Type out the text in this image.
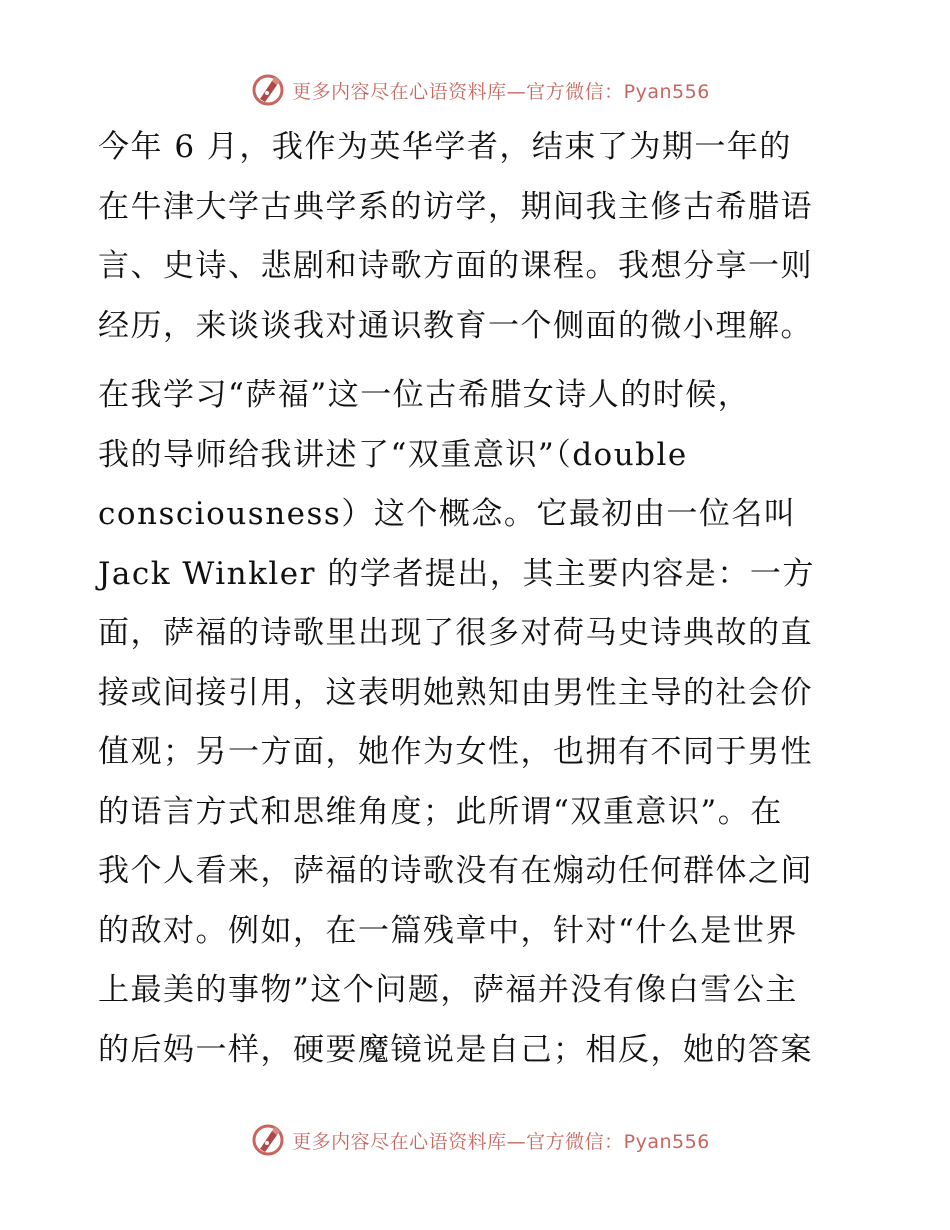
更多内容尽在心语资料库—官方微信：Pyan556

今年 6 月，我作为英华学者，结束了为期一年的
在牛津大学古典学系的访学，期间我主修古希腊语
言、史诗、悲剧和诗歌方面的课程。我想分享一则
经历，来谈谈我对通识教育一个侧面的微小理解。

在我学习“萨福”这一位古希腊女诗人的时候，
我的导师给我讲述了“双重意识”（double
consciousness）这个概念。它最初由一位名叫
Jack Winkler 的学者提出，其主要内容是：一方
面，萨福的诗歌里出现了很多对荷马史诗典故的直
接或间接引用，这表明她熟知由男性主导的社会价
值观；另一方面，她作为女性，也拥有不同于男性
的语言方式和思维角度；此所谓“双重意识”。在
我个人看来，萨福的诗歌没有在煽动任何群体之间
的敌对。例如，在一篇残章中，针对“什么是世界
上最美的事物”这个问题，萨福并没有像白雪公主
的后妈一样，硬要魔镜说是自己；相反，她的答案

更多内容尽在心语资料库—官方微信：Pyan556
